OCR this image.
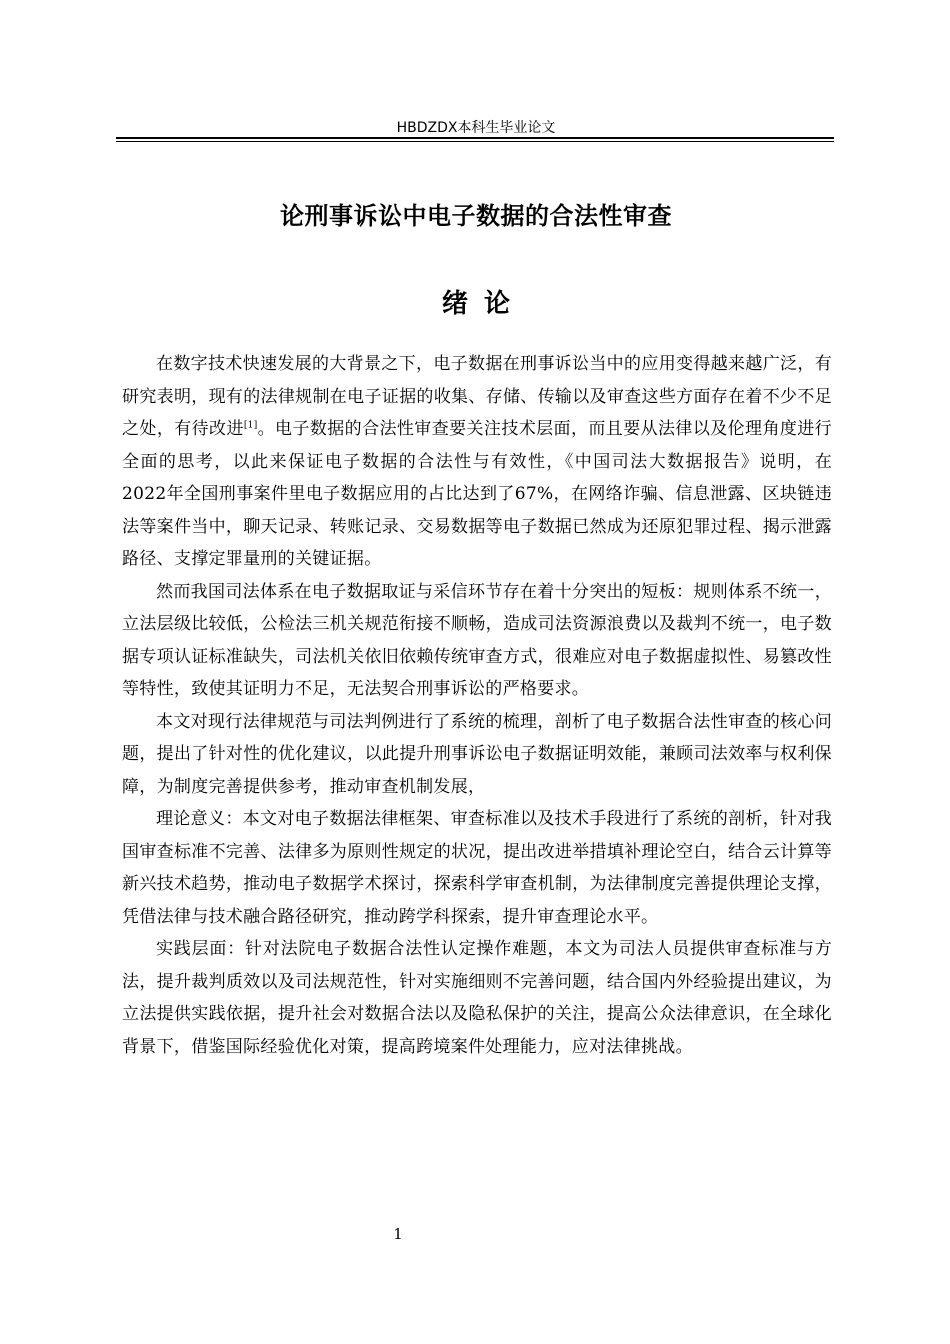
HBDZDX本科生毕业论文
论刑事诉讼中电子数据的合法性审查
绪 论

在数字技术快速发展的大背景之下，电子数据在刑事诉讼当中的应用变得越来越广泛，有研究表明，现有的法律规制在电子证据的收集、存储、传输以及审查这些方面存在着不少不足之处，有待改进[1]。电子数据的合法性审查要关注技术层面，而且要从法律以及伦理角度进行全面的思考，以此来保证电子数据的合法性与有效性，《中国司法大数据报告》说明，在2022年全国刑事案件里电子数据应用的占比达到了67%，在网络诈骗、信息泄露、区块链违法等案件当中，聊天记录、转账记录、交易数据等电子数据已然成为还原犯罪过程、揭示泄露路径、支撑定罪量刑的关键证据。

然而我国司法体系在电子数据取证与采信环节存在着十分突出的短板：规则体系不统一，立法层级比较低，公检法三机关规范衔接不顺畅，造成司法资源浪费以及裁判不统一，电子数据专项认证标准缺失，司法机关依旧依赖传统审查方式，很难应对电子数据虚拟性、易篡改性等特性，致使其证明力不足，无法契合刑事诉讼的严格要求。

本文对现行法律规范与司法判例进行了系统的梳理，剖析了电子数据合法性审查的核心问题，提出了针对性的优化建议，以此提升刑事诉讼电子数据证明效能，兼顾司法效率与权利保障，为制度完善提供参考，推动审查机制发展，

理论意义：本文对电子数据法律框架、审查标准以及技术手段进行了系统的剖析，针对我国审查标准不完善、法律多为原则性规定的状况，提出改进举措填补理论空白，结合云计算等新兴技术趋势，推动电子数据学术探讨，探索科学审查机制，为法律制度完善提供理论支撑，凭借法律与技术融合路径研究，推动跨学科探索，提升审查理论水平。

实践层面：针对法院电子数据合法性认定操作难题，本文为司法人员提供审查标准与方法，提升裁判质效以及司法规范性，针对实施细则不完善问题，结合国内外经验提出建议，为立法提供实践依据，提升社会对数据合法以及隐私保护的关注，提高公众法律意识，在全球化背景下，借鉴国际经验优化对策，提高跨境案件处理能力，应对法律挑战。

1
